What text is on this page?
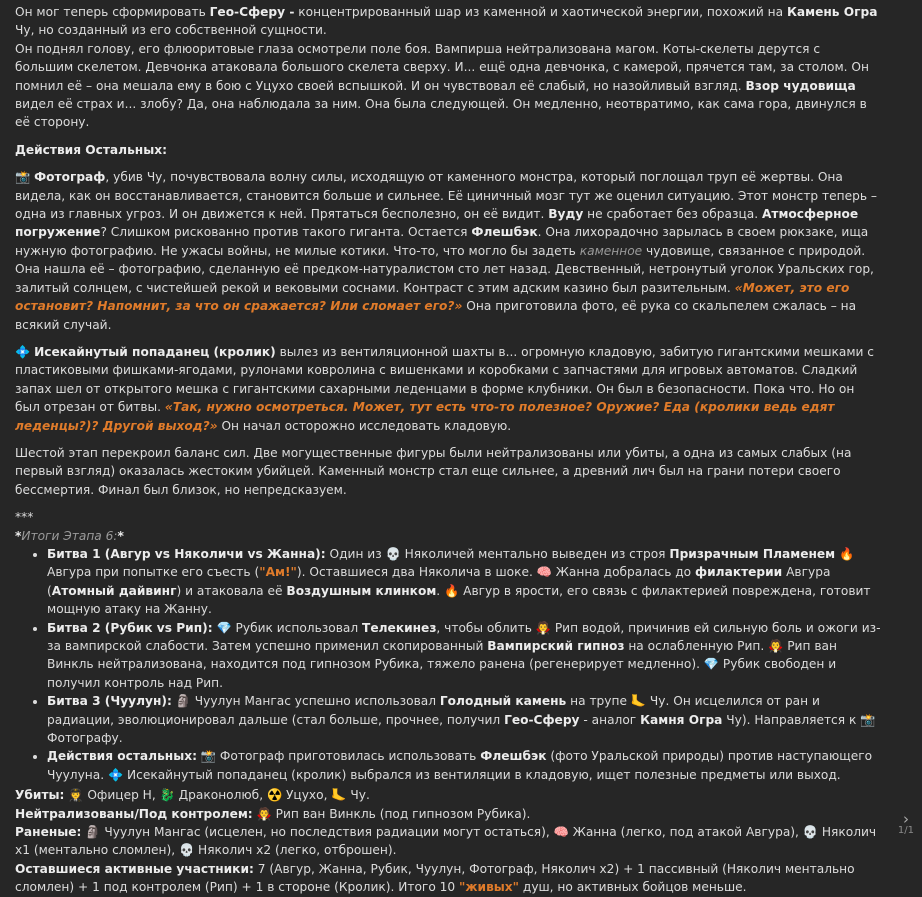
Он мог теперь сформировать Гео-Сферу - концентрированный шар из каменной и хаотической энергии, похожий на Камень Огра Чу, но созданный из его собственной сущности.

Он поднял голову, его флюоритовые глаза осмотрели поле боя. Вампирша нейтрализована магом. Коты-скелеты дерутся с большим скелетом. Девчонка атаковала большого скелета сверху. И... ещё одна девчонка, с камерой, прячется там, за столом. Он помнил её – она мешала ему в бою с Уцухо своей вспышкой. И он чувствовал её слабый, но назойливый взгляд. Взор чудовища видел её страх и... злобу? Да, она наблюдала за ним. Она была следующей. Он медленно, неотвратимо, как сама гора, двинулся в её сторону.

Действия Остальных:

📸 Фотограф, убив Чу, почувствовала волну силы, исходящую от каменного монстра, который поглощал труп её жертвы. Она видела, как он восстанавливается, становится больше и сильнее. Её циничный мозг тут же оценил ситуацию. Этот монстр теперь – одна из главных угроз. И он движется к ней. Прятаться бесполезно, он её видит. Вуду не сработает без образца. Атмосферное погружение? Слишком рискованно против такого гиганта. Остается Флешбэк. Она лихорадочно зарылась в своем рюкзаке, ища нужную фотографию. Не ужасы войны, не милые котики. Что-то, что могло бы задеть каменное чудовище, связанное с природой. Она нашла её – фотографию, сделанную её предком-натуралистом сто лет назад. Девственный, нетронутый уголок Уральских гор, залитый солнцем, с чистейшей рекой и вековыми соснами. Контраст с этим адским казино был разительным. «Может, это его остановит? Напомнит, за что он сражается? Или сломает его?» Она приготовила фото, её рука со скальпелем сжалась – на всякий случай.

💠 Исекайнутый попаданец (кролик) вылез из вентиляционной шахты в... огромную кладовую, забитую гигантскими мешками с пластиковыми фишками-ягодами, рулонами ковролина с вишенками и коробками с запчастями для игровых автоматов. Сладкий запах шел от открытого мешка с гигантскими сахарными леденцами в форме клубники. Он был в безопасности. Пока что. Но он был отрезан от битвы. «Так, нужно осмотреться. Может, тут есть что-то полезное? Оружие? Еда (кролики ведь едят леденцы?)? Другой выход?» Он начал осторожно исследовать кладовую.

Шестой этап перекроил баланс сил. Две могущественные фигуры были нейтрализованы или убиты, а одна из самых слабых (на первый взгляд) оказалась жестоким убийцей. Каменный монстр стал еще сильнее, а древний лич был на грани потери своего бессмертия. Финал был близок, но непредсказуем.

***
*Итоги Этапа 6:*
• Битва 1 (Авгур vs Няколичи vs Жанна): Один из 💀 Няколичей ментально выведен из строя Призрачным Пламенем 🔥 Авгура при попытке его съесть ("Ам!"). Оставшиеся два Няколича в шоке. 🧠 Жанна добралась до филактерии Авгура (Атомный дайвинг) и атаковала её Воздушным клинком. 🔥 Авгур в ярости, его связь с филактерией повреждена, готовит мощную атаку на Жанну.
• Битва 2 (Рубик vs Рип): 💎 Рубик использовал Телекинез, чтобы облить 🧛 Рип водой, причинив ей сильную боль и ожоги из-за вампирской слабости. Затем успешно применил скопированный Вампирский гипноз на ослабленную Рип. 🧛 Рип ван Винкль нейтрализована, находится под гипнозом Рубика, тяжело ранена (регенерирует медленно). 💎 Рубик свободен и получил контроль над Рип.
• Битва 3 (Чуулун): 🗿 Чуулун Мангас успешно использовал Голодный камень на трупе 🦶 Чу. Он исцелился от ран и радиации, эволюционировал дальше (стал больше, прочнее, получил Гео-Сферу - аналог Камня Огра Чу). Направляется к 📸 Фотографу.
• Действия остальных: 📸 Фотограф приготовилась использовать Флешбэк (фото Уральской природы) против наступающего Чуулуна. 💠 Исекайнутый попаданец (кролик) выбрался из вентиляции в кладовую, ищет полезные предметы или выход.
Убиты: 🧑‍✈️ Офицер Н, 🐉 Драконолюб, ☢️ Уцухо, 🦶 Чу.
Нейтрализованы/Под контролем: 🧛 Рип ван Винкль (под гипнозом Рубика).
Раненые: 🗿 Чуулун Мангас (исцелен, но последствия радиации могут остаться), 🧠 Жанна (легко, под атакой Авгура), 💀 Няколич x1 (ментально сломлен), 💀 Няколич x2 (легко, отброшен).
Оставшиеся активные участники: 7 (Авгур, Жанна, Рубик, Чуулун, Фотограф, Няколич x2) + 1 пассивный (Няколич ментально сломлен) + 1 под контролем (Рип) + 1 в стороне (Кролик). Итого 10 "живых" душ, но активных бойцов меньше.
›
1/1
